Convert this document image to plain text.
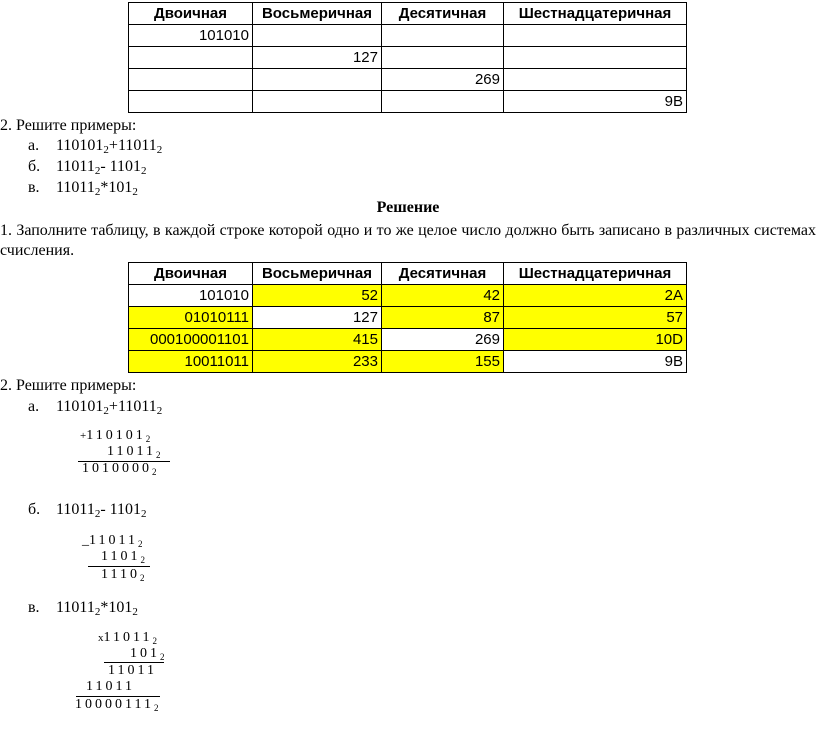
Двоичная	Восьмеричная	Десятичная	Шестнадцатеричная
101010			
	127		
		269	
			9B
2. Решите примеры:
а. $110101_2+11011_2$
б. $11011_2-$ $1101_2$
в. $11011_2*101_2$
Решение
1. Заполните таблицу, в каждой строке которой одно и то же целое число должно быть записано в различных системах счисления.
Двоичная	Восьмеричная	Десятичная	Шестнадцатеричная
101010	52	42	2A
01010111	127	87	57
000100001101	415	269	10D
10011011	233	155	9B
2. Решите примеры:
а. $110101_2+11011_2$
$+110101_2$
$11011_2$
$1010000_2$
б. $11011_2-$ $1101_2$
$\_11011_2$
$1101_2$
$1110_2$
в. $11011_2*101_2$
$x11011_2$
$101_2$
11011
11011
$10000111_2$
